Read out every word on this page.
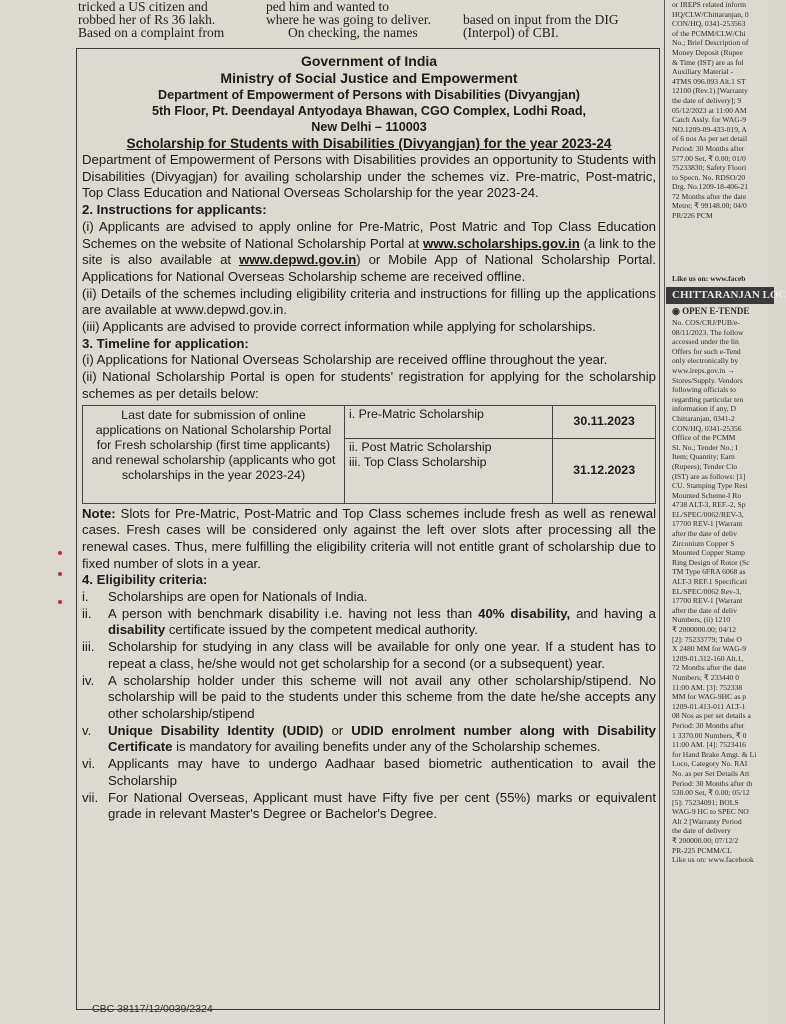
tricked a US citizen and

robbed her of Rs 36 lakh.

Based on a complaint from

ped him and wanted to

where he was going to deliver.

On checking, the names

based on input from the DIG

(Interpol) of CBI.

Government of India
Ministry of Social Justice and Empowerment
Department of Empowerment of Persons with Disabilities (Divyangjan)
5th Floor, Pt. Deendayal Antyodaya Bhawan, CGO Complex, Lodhi Road,
New Delhi – 110003
Scholarship for Students with Disabilities (Divyangjan) for the year 2023-24

Department of Empowerment of Persons with Disabilities provides an opportunity to Students with Disabilities (Divyagjan) for availing scholarship under the schemes viz. Pre-matric, Post-matric, Top Class Education and National Overseas Scholarship for the year 2023-24.

2. Instructions for applicants:

(i) Applicants are advised to apply online for Pre-Matric, Post Matric and Top Class Education Schemes on the website of National Scholarship Portal at www.scholarships.gov.in (a link to the site is also available at www.depwd.gov.in) or Mobile App of National Scholarship Portal. Applications for National Overseas Scholarship scheme are received offline.

(ii) Details of the schemes including eligibility criteria and instructions for filling up the applications are available at www.depwd.gov.in.

(iii) Applicants are advised to provide correct information while applying for scholarships.

3. Timeline for application:

(i) Applications for National Overseas Scholarship are received offline throughout the year.

(ii) National Scholarship Portal is open for students' registration for applying for the scholarship schemes as per details below:

Last date for submission of online applications on National Scholarship Portal for Fresh scholarship (first time applicants) and renewal scholarship (applicants who got scholarships in the year 2023-24)	i. Pre-Matric Scholarship	30.11.2023

	ii. Post Matric Scholarship
iii. Top Class Scholarship	31.12.2023

Note: Slots for Pre-Matric, Post-Matric and Top Class schemes include fresh as well as renewal cases. Fresh cases will be considered only against the left over slots after processing all the renewal cases. Thus, mere fulfilling the eligibility criteria will not entitle grant of scholarship due to fixed number of slots in a year.

4. Eligibility criteria:

i.	Scholarships are open for Nationals of India.
ii.	A person with benchmark disability i.e. having not less than 40% disability, and having a disability certificate issued by the competent medical authority.
iii.	Scholarship for studying in any class will be available for only one year. If a student has to repeat a class, he/she would not get scholarship for a second (or a subsequent) year.
iv.	A scholarship holder under this scheme will not avail any other scholarship/stipend. No scholarship will be paid to the students under this scheme from the date he/she accepts any other scholarship/stipend
v.	Unique Disability Identity (UDID) or UDID enrolment number along with Disability Certificate is mandatory for availing benefits under any of the Scholarship schemes.
vi. Applicants may have to undergo Aadhaar based biometric authentication to avail the Scholarship
vii. For National Overseas, Applicant must have Fifty five per cent (55%) marks or equivalent grade in relevant Master's Degree or Bachelor's Degree.
CBC 38117/12/0039/2324

or IREPS related inform

HQ/CLW/Chittaranjan, 0

CON/HQ, 0341-253563

of the PCMM/CLW/Chi

No.; Brief Description of

Money Deposit (Rupee

& Time (IST) are as fol

Auxiliary Material -

4TMS 096.093 Alt.1 ST

12100 (Rev.1) [Warranty

the date of delivery]; 9

05/12/2023 at 11:00 AM

Catch Assly. for WAG-9

NO.1209-09-433-019, A

of 6 nos As per set detail

Period: 30 Months after

577.00 Set, ₹ 0.00; 01/0

75233830; Safety Floori

to Specn. No. RDSO/20

Drg. No.1209-18-406-21

72 Months after the date

Metre; ₹ 99148.00; 04/0

PR/226 PCM

Like us on: www.faceb

CHITTARANJAN LOC
◉ OPEN E-TENDE

No. COS/CRJ/PUB/e-

08/11/2023. The follow

accessed under the lin

Offers for such e-Tend

only electronically by

www.ireps.gov.in →

Stores/Supply. Vendors

following officials to

regarding particular ten

information if any, D

Chittaranjan, 0341-2

CON/HQ, 0341-25356

Office of the PCMM

Sl. No.; Tender No.; I

Item; Quantity; Earn

(Rupees); Tender Clo

(IST) are as follows: [1]

CU. Stamping Type Resi

Mounted Scheme-I Ro

4738 ALT-3, REF.-2, Sp

EL/SPEC/0062/REV-3,

17700 REV-1 [Warrant

after the date of deliv

Zirconium Copper S

Mounted Copper Stamp

Ring Design of Rotor (Sc

TM Type 6FRA 6068 as

ALT-3 REF.1 Specificati

EL/SPEC/0062 Rev-3,

17700 REV-1 [Warrant

after the date of deliv

Numbers, (ii) 1210

₹ 2000000.00; 04/12

[2]: 75233779; Tube O

X 2480 MM for WAG-9

1209-01.312-160 Alt.1,

72 Months after the date

Numbers; ₹ 233440 0

11:00 AM. [3]: 752338

MM for WAG-9HC as p

1209-01.413-011 ALT-1

08 Nos as per set details a

Period: 30 Months after

1 3370.00 Numbers, ₹ 0

11:00 AM. [4]: 7523416

for Hand Brake Amgt. & Li

Loco, Category No. RAI

No. as per Set Details Att

Period: 30 Months after th

530.00 Set, ₹ 0.00; 05/12

[5]: 75234091; BOLS

WAG-9 HC to SPEC NO

Alt 2 [Warranty Period

the date of delivery

₹ 200000.00; 07/12/2

PR-225 PCMM/CL

Like us on: www.facebook
